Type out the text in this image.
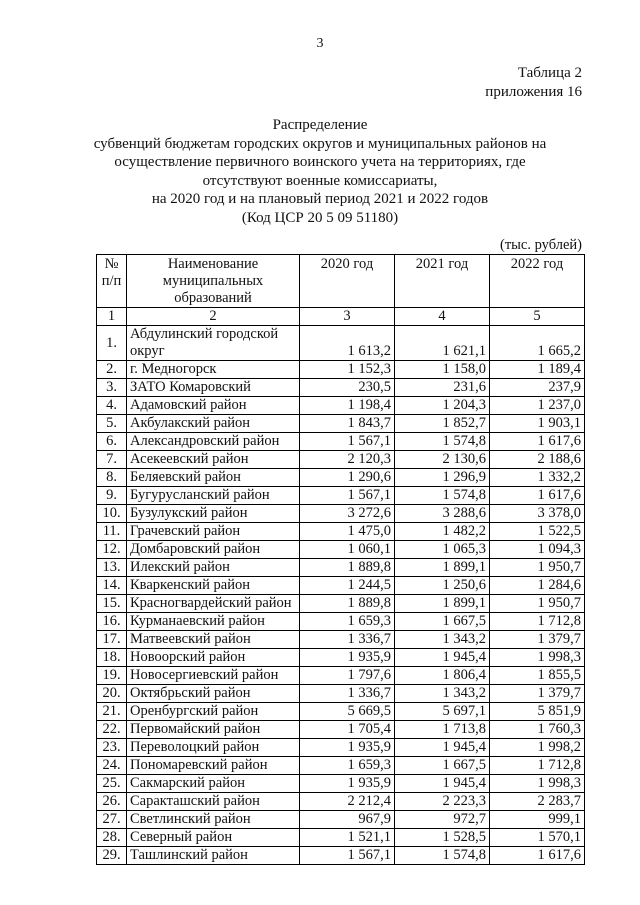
3
Таблица 2
приложения 16
Распределение
субвенций бюджетам городских округов и муниципальных районов на
осуществление первичного воинского учета на территориях, где
отсутствуют военные комиссариаты,
на 2020 год и на плановый период 2021 и 2022 годов
(Код ЦСР 20 5 09 51180)
(тыс. рублей)
№ п/п	Наименование муниципальных образований	2020 год	2021 год	2022 год
1	2	3	4	5
1.	Абдулинский городской округ	1 613,2	1 621,1	1 665,2
2.	г. Медногорск	1 152,3	1 158,0	1 189,4
3.	ЗАТО Комаровский	230,5	231,6	237,9
4.	Адамовский район	1 198,4	1 204,3	1 237,0
5.	Акбулакский район	1 843,7	1 852,7	1 903,1
6.	Александровский район	1 567,1	1 574,8	1 617,6
7.	Асекеевский район	2 120,3	2 130,6	2 188,6
8.	Беляевский район	1 290,6	1 296,9	1 332,2
9.	Бугурусланский район	1 567,1	1 574,8	1 617,6
10.	Бузулукский район	3 272,6	3 288,6	3 378,0
11.	Грачевский район	1 475,0	1 482,2	1 522,5
12.	Домбаровский район	1 060,1	1 065,3	1 094,3
13.	Илекский район	1 889,8	1 899,1	1 950,7
14.	Кваркенский район	1 244,5	1 250,6	1 284,6
15.	Красногвардейский район	1 889,8	1 899,1	1 950,7
16.	Курманаевский район	1 659,3	1 667,5	1 712,8
17.	Матвеевский район	1 336,7	1 343,2	1 379,7
18.	Новоорский район	1 935,9	1 945,4	1 998,3
19.	Новосергиевский район	1 797,6	1 806,4	1 855,5
20.	Октябрьский район	1 336,7	1 343,2	1 379,7
21.	Оренбургский район	5 669,5	5 697,1	5 851,9
22.	Первомайский район	1 705,4	1 713,8	1 760,3
23.	Переволоцкий район	1 935,9	1 945,4	1 998,2
24.	Пономаревский район	1 659,3	1 667,5	1 712,8
25.	Сакмарский район	1 935,9	1 945,4	1 998,3
26.	Саракташский район	2 212,4	2 223,3	2 283,7
27.	Светлинский район	967,9	972,7	999,1
28.	Северный район	1 521,1	1 528,5	1 570,1
29.	Ташлинский район	1 567,1	1 574,8	1 617,6
